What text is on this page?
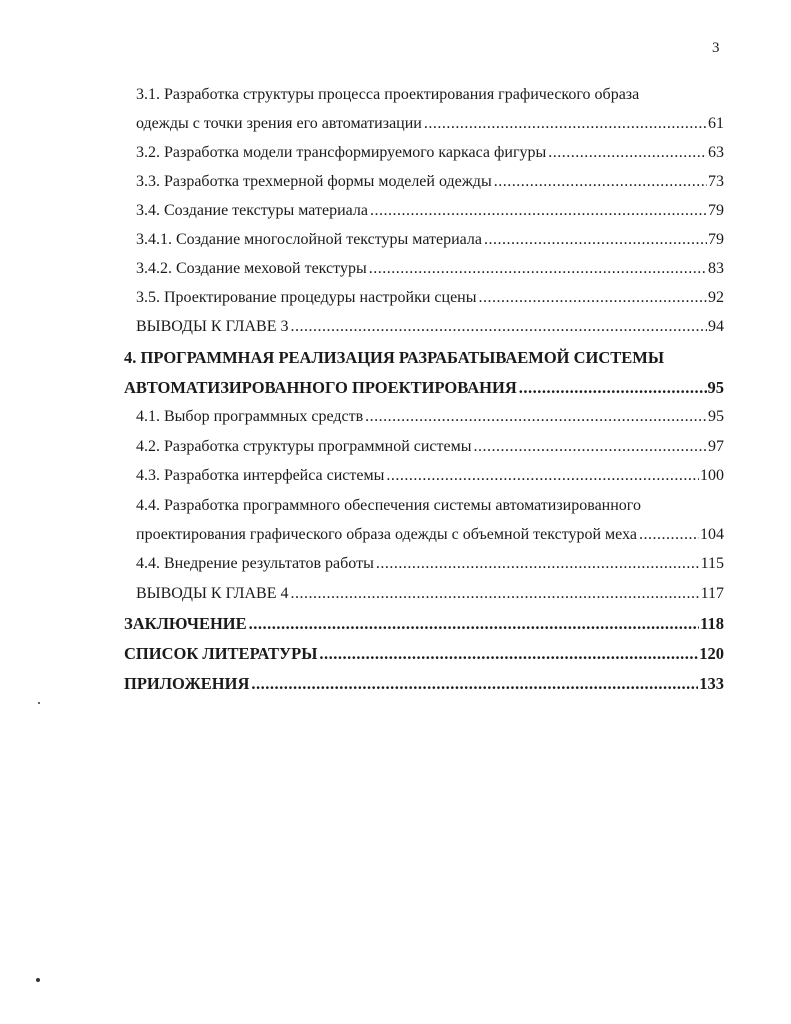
3
3.1. Разработка структуры процесса проектирования графического образа
одежды с точки зрения его автоматизации .....	61
3.2. Разработка модели трансформируемого каркаса фигуры .....	63
3.3. Разработка трехмерной формы моделей одежды .....	73
3.4. Создание текстуры материала .....	79
3.4.1. Создание многослойной текстуры материала .....	79
3.4.2. Создание меховой текстуры .....	83
3.5. Проектирование процедуры настройки сцены .....	92
ВЫВОДЫ К ГЛАВЕ 3 .....	94
4. ПРОГРАММНАЯ РЕАЛИЗАЦИЯ РАЗРАБАТЫВАЕМОЙ СИСТЕМЫ
АВТОМАТИЗИРОВАННОГО ПРОЕКТИРОВАНИЯ .....	95
4.1. Выбор программных средств .....	95
4.2. Разработка структуры программной системы .....	97
4.3. Разработка интерфейса системы .....	100
4.4. Разработка программного обеспечения системы автоматизированного
проектирования графического образа одежды с объемной текстурой меха .....	104
4.4. Внедрение результатов работы .....	115
ВЫВОДЫ К ГЛАВЕ 4 .....	117
ЗАКЛЮЧЕНИЕ .....	118
СПИСОК ЛИТЕРАТУРЫ .....	120
ПРИЛОЖЕНИЯ .....	133
